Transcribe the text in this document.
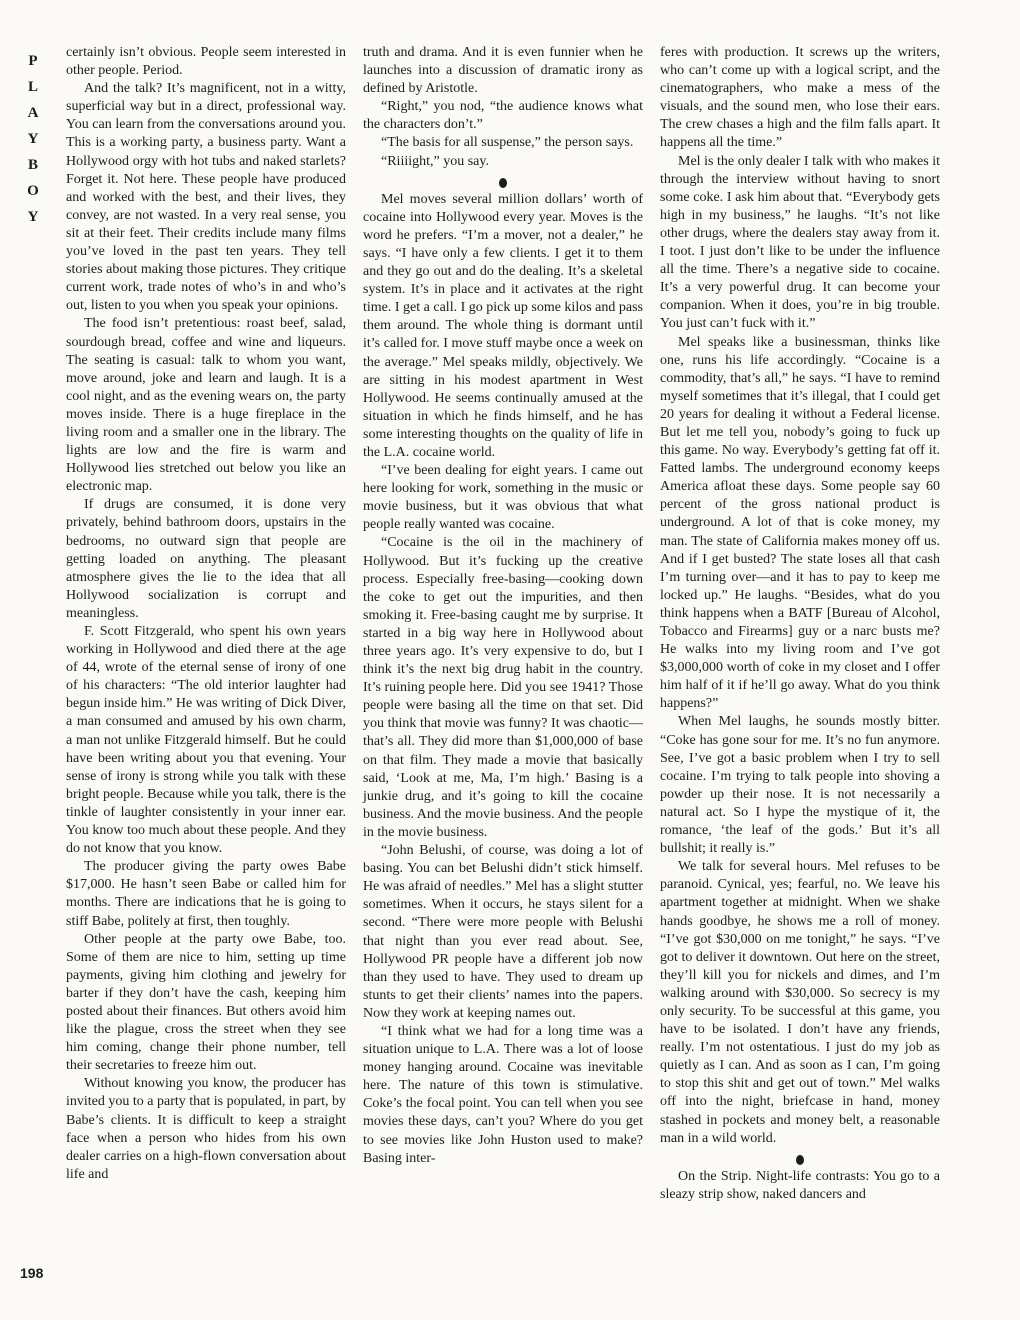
P
L
A
Y
B
O
Y

certainly isn’t obvious. People seem interested in other people. Period.

And the talk? It’s magnificent, not in a witty, superficial way but in a direct, professional way. You can learn from the conversations around you. This is a working party, a business party. Want a Hollywood orgy with hot tubs and naked starlets? Forget it. Not here. These people have produced and worked with the best, and their lives, they convey, are not wasted. In a very real sense, you sit at their feet. Their credits include many films you’ve loved in the past ten years. They tell stories about making those pictures. They critique current work, trade notes of who’s in and who’s out, listen to you when you speak your opinions.

The food isn’t pretentious: roast beef, salad, sourdough bread, coffee and wine and liqueurs. The seating is casual: talk to whom you want, move around, joke and learn and laugh. It is a cool night, and as the evening wears on, the party moves inside. There is a huge fireplace in the living room and a smaller one in the library. The lights are low and the fire is warm and Hollywood lies stretched out below you like an electronic map.

If drugs are consumed, it is done very privately, behind bathroom doors, upstairs in the bedrooms, no outward sign that people are getting loaded on anything. The pleasant atmosphere gives the lie to the idea that all Hollywood socialization is corrupt and meaningless.

F. Scott Fitzgerald, who spent his own years working in Hollywood and died there at the age of 44, wrote of the eternal sense of irony of one of his characters: “The old interior laughter had begun inside him.” He was writing of Dick Diver, a man consumed and amused by his own charm, a man not unlike Fitzgerald himself. But he could have been writing about you that evening. Your sense of irony is strong while you talk with these bright people. Because while you talk, there is the tinkle of laughter consistently in your inner ear. You know too much about these people. And they do not know that you know.

The producer giving the party owes Babe $17,000. He hasn’t seen Babe or called him for months. There are indications that he is going to stiff Babe, politely at first, then toughly.

Other people at the party owe Babe, too. Some of them are nice to him, setting up time payments, giving him clothing and jewelry for barter if they don’t have the cash, keeping him posted about their finances. But others avoid him like the plague, cross the street when they see him coming, change their phone number, tell their secretaries to freeze him out.

Without knowing you know, the producer has invited you to a party that is populated, in part, by Babe’s clients. It is difficult to keep a straight face when a person who hides from his own dealer carries on a high-flown conversation about life and

truth and drama. And it is even funnier when he launches into a discussion of dramatic irony as defined by Aristotle.

“Right,” you nod, “the audience knows what the characters don’t.”

“The basis for all suspense,” the person says.

“Riiiight,” you say.

Mel moves several million dollars’ worth of cocaine into Hollywood every year. Moves is the word he prefers. “I’m a mover, not a dealer,” he says. “I have only a few clients. I get it to them and they go out and do the dealing. It’s a skeletal system. It’s in place and it activates at the right time. I get a call. I go pick up some kilos and pass them around. The whole thing is dormant until it’s called for. I move stuff maybe once a week on the average.” Mel speaks mildly, objectively. We are sitting in his modest apartment in West Hollywood. He seems continually amused at the situation in which he finds himself, and he has some interesting thoughts on the quality of life in the L.A. cocaine world.

“I’ve been dealing for eight years. I came out here looking for work, something in the music or movie business, but it was obvious that what people really wanted was cocaine.

“Cocaine is the oil in the machinery of Hollywood. But it’s fucking up the creative process. Especially free-basing—cooking down the coke to get out the impurities, and then smoking it. Free-basing caught me by surprise. It started in a big way here in Hollywood about three years ago. It’s very expensive to do, but I think it’s the next big drug habit in the country. It’s ruining people here. Did you see 1941? Those people were basing all the time on that set. Did you think that movie was funny? It was chaotic—that’s all. They did more than $1,000,000 of base on that film. They made a movie that basically said, ‘Look at me, Ma, I’m high.’ Basing is a junkie drug, and it’s going to kill the cocaine business. And the movie business. And the people in the movie business.

“John Belushi, of course, was doing a lot of basing. You can bet Belushi didn’t stick himself. He was afraid of needles.” Mel has a slight stutter sometimes. When it occurs, he stays silent for a second. “There were more people with Belushi that night than you ever read about. See, Hollywood PR people have a different job now than they used to have. They used to dream up stunts to get their clients’ names into the papers. Now they work at keeping names out.

“I think what we had for a long time was a situation unique to L.A. There was a lot of loose money hanging around. Cocaine was inevitable here. The nature of this town is stimulative. Coke’s the focal point. You can tell when you see movies these days, can’t you? Where do you get to see movies like John Huston used to make? Basing inter-

feres with production. It screws up the writers, who can’t come up with a logical script, and the cinematographers, who make a mess of the visuals, and the sound men, who lose their ears. The crew chases a high and the film falls apart. It happens all the time.”

Mel is the only dealer I talk with who makes it through the interview without having to snort some coke. I ask him about that. “Everybody gets high in my business,” he laughs. “It’s not like other drugs, where the dealers stay away from it. I toot. I just don’t like to be under the influence all the time. There’s a negative side to cocaine. It’s a very powerful drug. It can become your companion. When it does, you’re in big trouble. You just can’t fuck with it.”

Mel speaks like a businessman, thinks like one, runs his life accordingly. “Cocaine is a commodity, that’s all,” he says. “I have to remind myself sometimes that it’s illegal, that I could get 20 years for dealing it without a Federal license. But let me tell you, nobody’s going to fuck up this game. No way. Everybody’s getting fat off it. Fatted lambs. The underground economy keeps America afloat these days. Some people say 60 percent of the gross national product is underground. A lot of that is coke money, my man. The state of California makes money off us. And if I get busted? The state loses all that cash I’m turning over—and it has to pay to keep me locked up.” He laughs. “Besides, what do you think happens when a BATF [Bureau of Alcohol, Tobacco and Firearms] guy or a narc busts me? He walks into my living room and I’ve got $3,000,000 worth of coke in my closet and I offer him half of it if he’ll go away. What do you think happens?”

When Mel laughs, he sounds mostly bitter. “Coke has gone sour for me. It’s no fun anymore. See, I’ve got a basic problem when I try to sell cocaine. I’m trying to talk people into shoving a powder up their nose. It is not necessarily a natural act. So I hype the mystique of it, the romance, ‘the leaf of the gods.’ But it’s all bullshit; it really is.”

We talk for several hours. Mel refuses to be paranoid. Cynical, yes; fearful, no. We leave his apartment together at midnight. When we shake hands goodbye, he shows me a roll of money. “I’ve got $30,000 on me tonight,” he says. “I’ve got to deliver it downtown. Out here on the street, they’ll kill you for nickels and dimes, and I’m walking around with $30,000. So secrecy is my only security. To be successful at this game, you have to be isolated. I don’t have any friends, really. I’m not ostentatious. I just do my job as quietly as I can. And as soon as I can, I’m going to stop this shit and get out of town.” Mel walks off into the night, briefcase in hand, money stashed in pockets and money belt, a reasonable man in a wild world.

On the Strip. Night-life contrasts: You go to a sleazy strip show, naked dancers and

198
